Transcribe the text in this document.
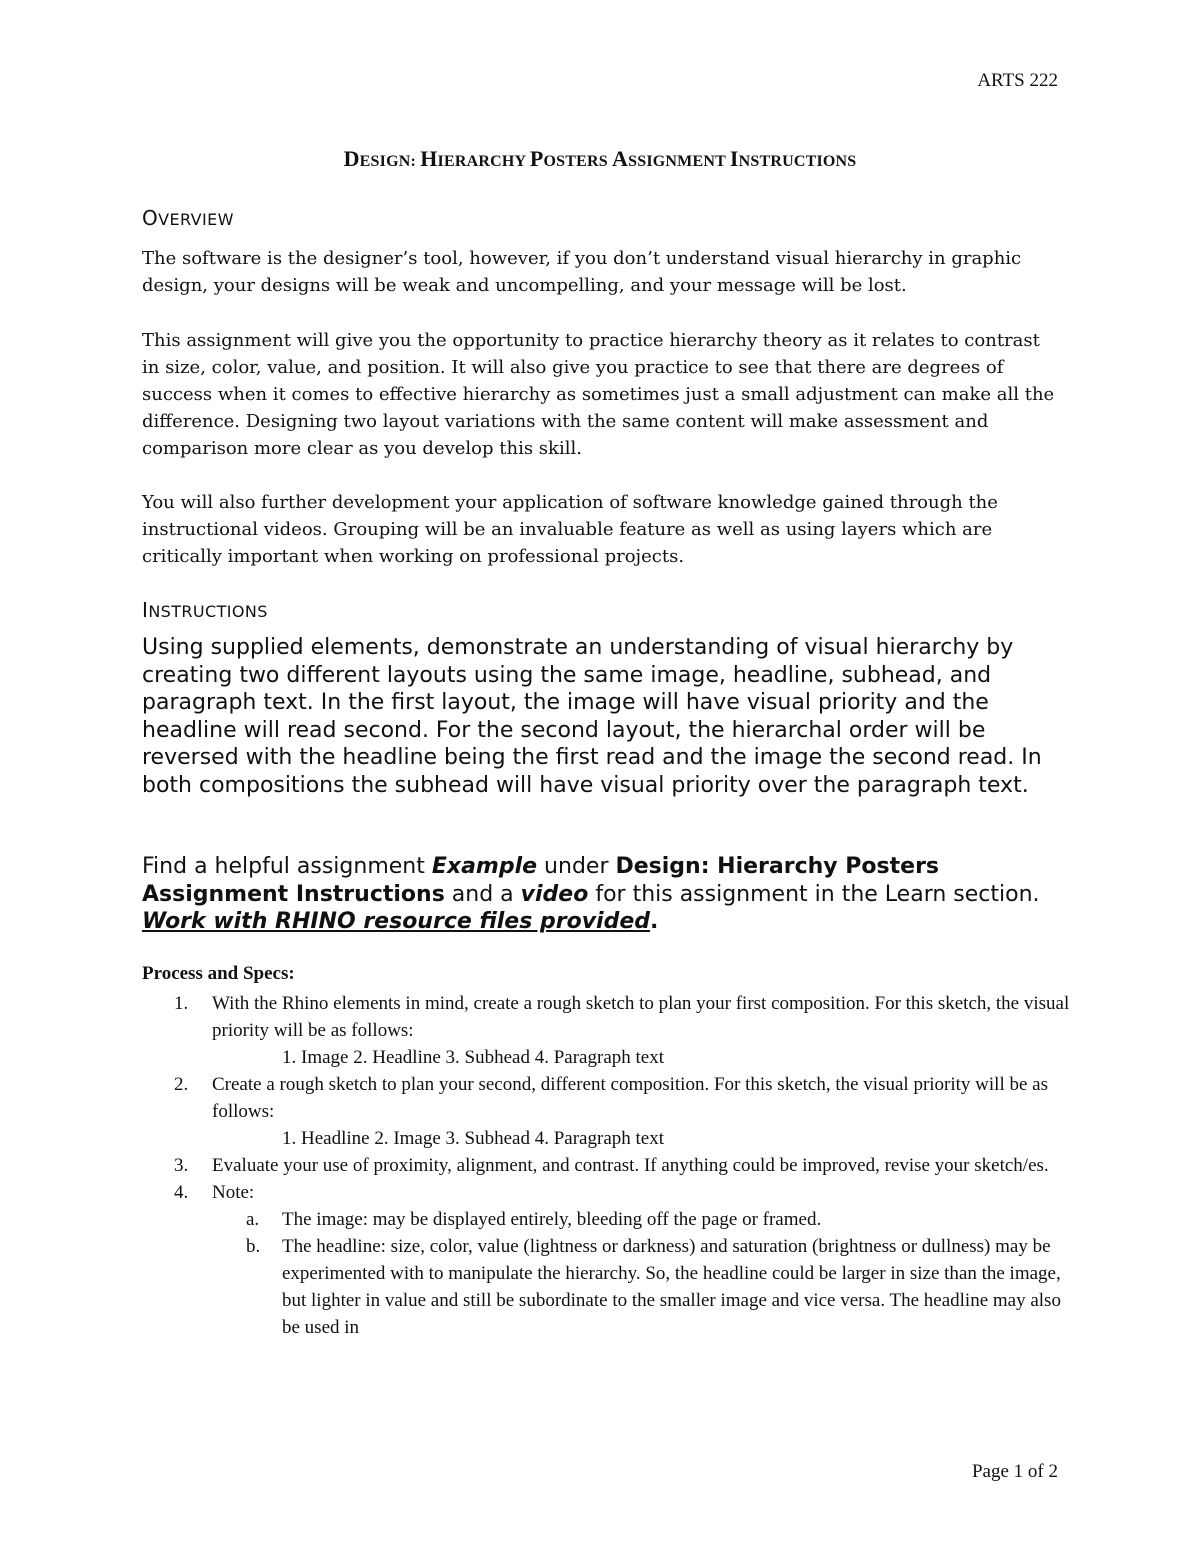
ARTS 222
DESIGN: HIERARCHY POSTERS ASSIGNMENT INSTRUCTIONS
OVERVIEW

The software is the designer’s tool, however, if you don’t understand visual hierarchy in graphic design, your designs will be weak and uncompelling, and your message will be lost.

This assignment will give you the opportunity to practice hierarchy theory as it relates to contrast in size, color, value, and position. It will also give you practice to see that there are degrees of success when it comes to effective hierarchy as sometimes just a small adjustment can make all the difference. Designing two layout variations with the same content will make assessment and comparison more clear as you develop this skill.

You will also further development your application of software knowledge gained through the instructional videos. Grouping will be an invaluable feature as well as using layers which are critically important when working on professional projects.

INSTRUCTIONS

Using supplied elements, demonstrate an understanding of visual hierarchy by creating two different layouts using the same image, headline, subhead, and paragraph text. In the first layout, the image will have visual priority and the headline will read second. For the second layout, the hierarchal order will be reversed with the headline being the first read and the image the second read. In both compositions the subhead will have visual priority over the paragraph text.

Find a helpful assignment Example under Design: Hierarchy Posters Assignment Instructions and a video for this assignment in the Learn section. Work with RHINO resource files provided.

Process and Specs:
1. With the Rhino elements in mind, create a rough sketch to plan your first composition. For this sketch, the visual priority will be as follows:
1. Image 2. Headline 3. Subhead 4. Paragraph text
2. Create a rough sketch to plan your second, different composition. For this sketch, the visual priority will be as follows:
1. Headline 2. Image 3. Subhead 4. Paragraph text
3. Evaluate your use of proximity, alignment, and contrast. If anything could be improved, revise your sketch/es.
4. Note:
a. The image: may be displayed entirely, bleeding off the page or framed.
b. The headline: size, color, value (lightness or darkness) and saturation (brightness or dullness) may be experimented with to manipulate the hierarchy. So, the headline could be larger in size than the image, but lighter in value and still be subordinate to the smaller image and vice versa. The headline may also be used in
Page 1 of 2
